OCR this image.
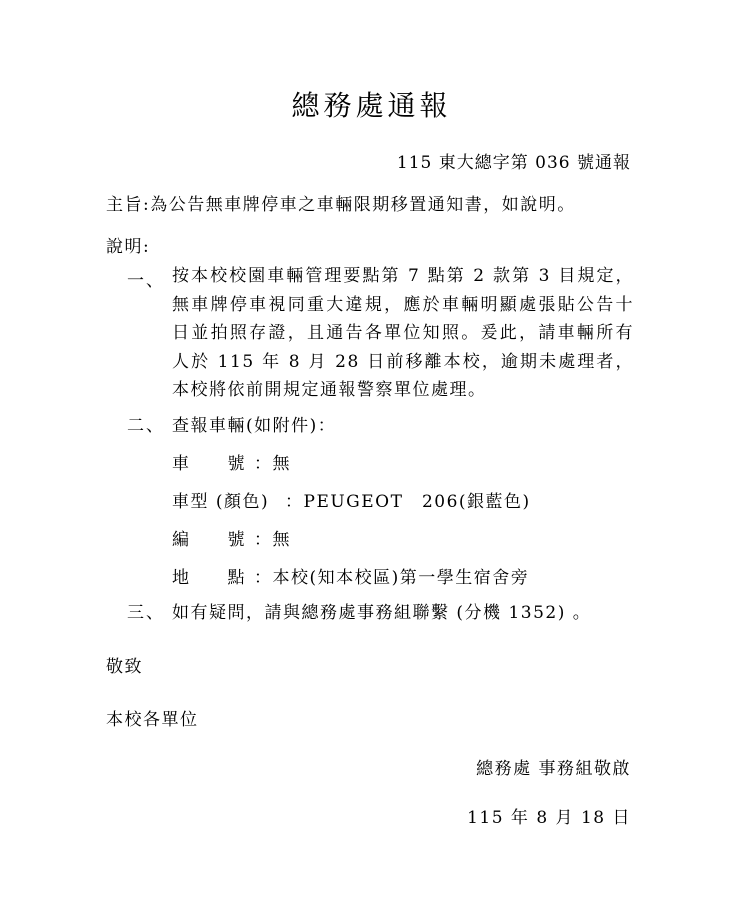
總務處通報
115 東大總字第 036 號通報
主旨:為公告無車牌停車之車輛限期移置通知書，如說明。
說明:
一、 按本校校園車輛管理要點第 7 點第 2 款第 3 目規定，無車牌停車視同重大違規，應於車輛明顯處張貼公告十日並拍照存證，且通告各單位知照。爰此，請車輛所有人於 115 年 8 月 28 日前移離本校，逾期未處理者，本校將依前開規定通報警察單位處理。
二、 查報車輛(如附件)：
車　　號 ：無
車型 (顏色) ：PEUGEOT　206(銀藍色)
編　　號 ：無
地　　點 ：本校(知本校區)第一學生宿舍旁
三、 如有疑問，請與總務處事務組聯繫 (分機 1352) 。
敬致
本校各單位
總務處 事務組敬啟
115 年 8 月 18 日
